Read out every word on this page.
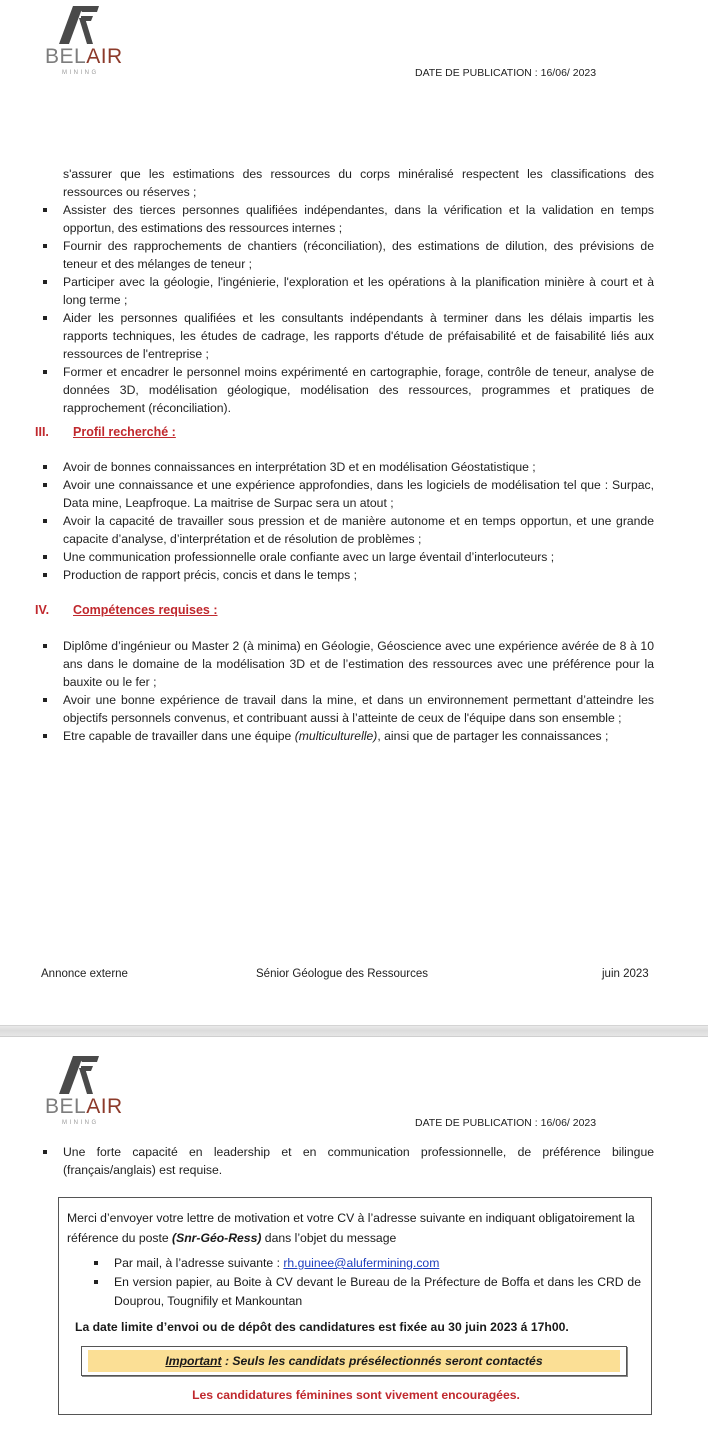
BELAIR
MINING	DATE DE PUBLICATION : 16/06/ 2023

s'assurer que les estimations des ressources du corps minéralisé respectent les classifications des ressources ou réserves ;

Assister des tierces personnes qualifiées indépendantes, dans la vérification et la validation en temps opportun, des estimations des ressources internes ;
Fournir des rapprochements de chantiers (réconciliation), des estimations de dilution, des prévisions de teneur et des mélanges de teneur ;
Participer avec la géologie, l'ingénierie, l'exploration et les opérations à la planification minière à court et à long terme ;
Aider les personnes qualifiées et les consultants indépendants à terminer dans les délais impartis les rapports techniques, les études de cadrage, les rapports d'étude de préfaisabilité et de faisabilité liés aux ressources de l'entreprise ;
Former et encadrer le personnel moins expérimenté en cartographie, forage, contrôle de teneur, analyse de données 3D, modélisation géologique, modélisation des ressources, programmes et pratiques de rapprochement (réconciliation).
III. Profil recherché :
Avoir de bonnes connaissances en interprétation 3D et en modélisation Géostatistique ;
Avoir une connaissance et une expérience approfondies, dans les logiciels de modélisation tel que : Surpac, Data mine, Leapfroque. La maitrise de Surpac sera un atout ;
Avoir la capacité de travailler sous pression et de manière autonome et en temps opportun, et une grande capacite d’analyse, d’interprétation et de résolution de problèmes ;
Une communication professionnelle orale confiante avec un large éventail d’interlocuteurs ;
Production de rapport précis, concis et dans le temps ;
IV. Compétences requises :
Diplôme d’ingénieur ou Master 2 (à minima) en Géologie, Géoscience avec une expérience avérée de 8 à 10 ans dans le domaine de la modélisation 3D et de l’estimation des ressources avec une préférence pour la bauxite ou le fer ;
Avoir une bonne expérience de travail dans la mine, et dans un environnement permettant d’atteindre les objectifs personnels convenus, et contribuant aussi à l’atteinte de ceux de l'équipe dans son ensemble ;
Etre capable de travailler dans une équipe (multiculturelle), ainsi que de partager les connaissances ;
Annonce externe	Sénior Géologue des Ressources	juin 2023
BELAIR
MINING	DATE DE PUBLICATION : 16/06/ 2023
Une forte capacité en leadership et en communication professionnelle, de préférence bilingue (français/anglais) est requise.
Merci d’envoyer votre lettre de motivation et votre CV à l’adresse suivante en indiquant obligatoirement la référence du poste (Snr-Géo-Ress) dans l’objet du message
Par mail, à l’adresse suivante : rh.guinee@alufermining.com
En version papier, au Boite à CV devant le Bureau de la Préfecture de Boffa et dans les CRD de Douprou, Tougnifily et Mankountan
La date limite d’envoi ou de dépôt des candidatures est fixée au 30 juin 2023 á 17h00.
Important : Seuls les candidats présélectionnés seront contactés
Les candidatures féminines sont vivement encouragées.
